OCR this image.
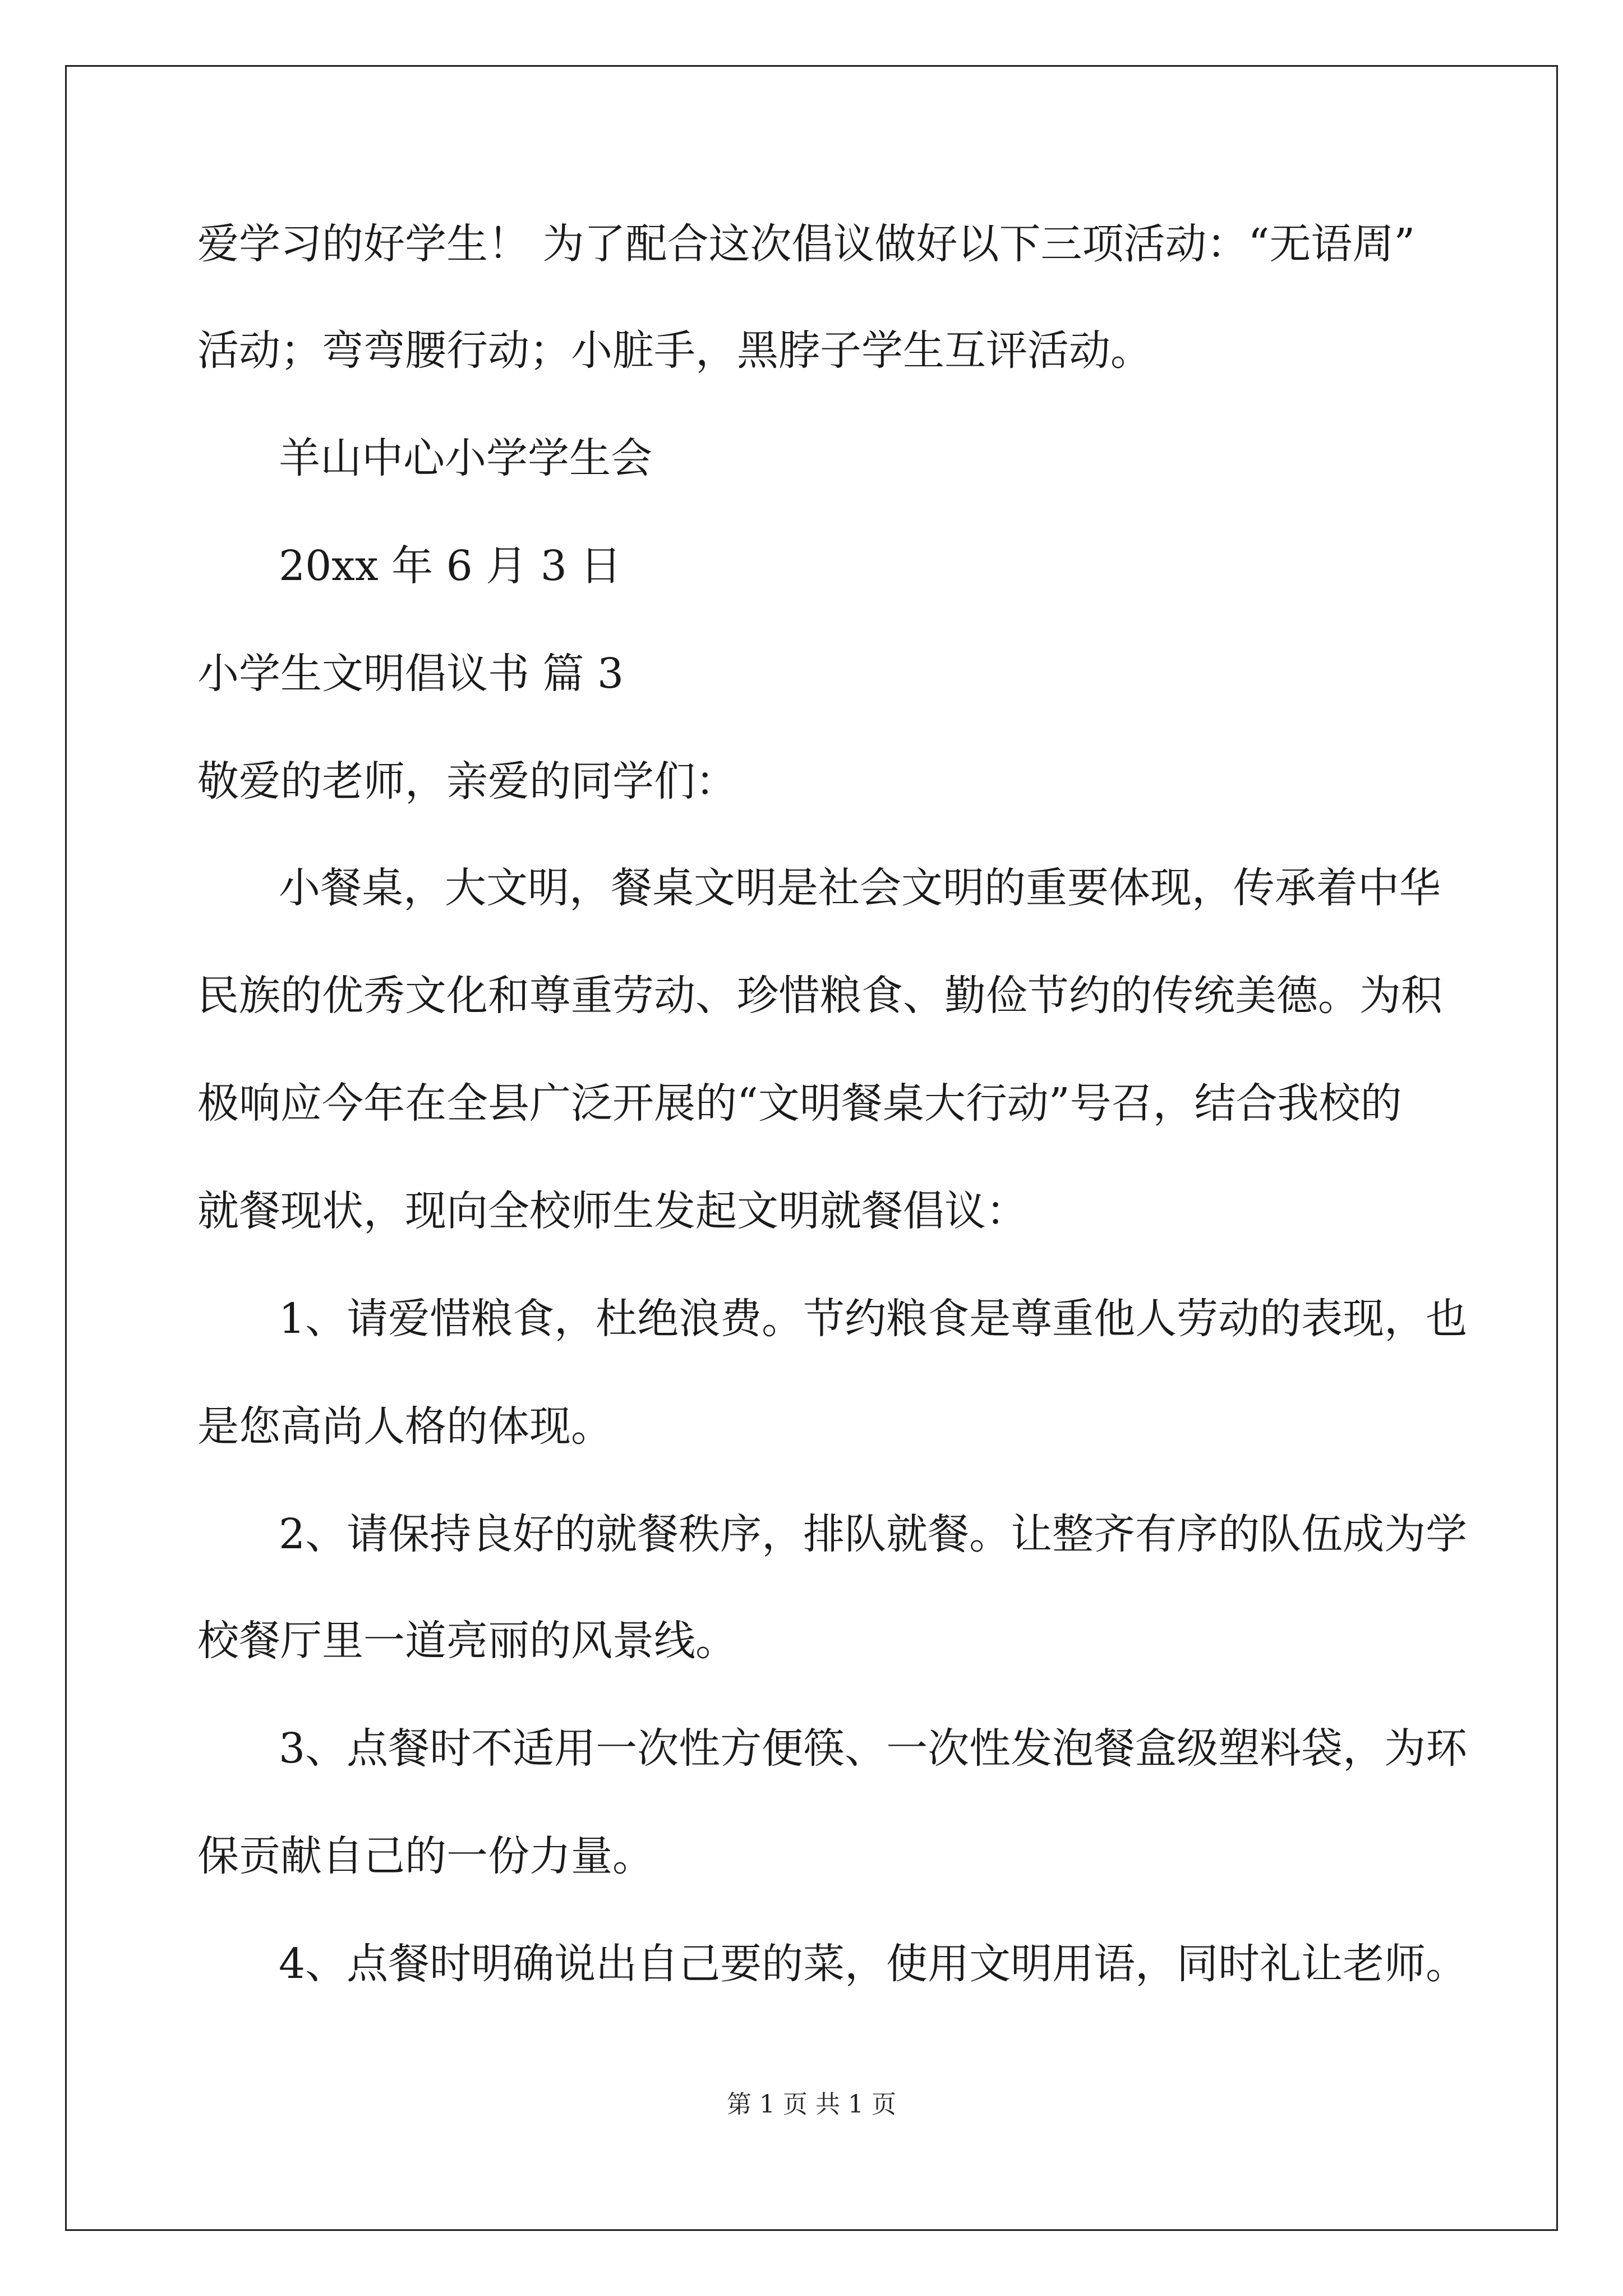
爱学习的好学生！ 为了配合这次倡议做好以下三项活动：“无语周”
活动；弯弯腰行动；小脏手，黑脖子学生互评活动。
羊山中心小学学生会
20xx 年 6 月 3 日
小学生文明倡议书 篇 3
敬爱的老师，亲爱的同学们：
小餐桌，大文明，餐桌文明是社会文明的重要体现，传承着中华
民族的优秀文化和尊重劳动、珍惜粮食、勤俭节约的传统美德。为积
极响应今年在全县广泛开展的“文明餐桌大行动”号召，结合我校的
就餐现状，现向全校师生发起文明就餐倡议：
1、请爱惜粮食，杜绝浪费。节约粮食是尊重他人劳动的表现，也
是您高尚人格的体现。
2、请保持良好的就餐秩序，排队就餐。让整齐有序的队伍成为学
校餐厅里一道亮丽的风景线。
3、点餐时不适用一次性方便筷、一次性发泡餐盒级塑料袋，为环
保贡献自己的一份力量。
4、点餐时明确说出自己要的菜，使用文明用语，同时礼让老师。
第 1 页 共 1 页
